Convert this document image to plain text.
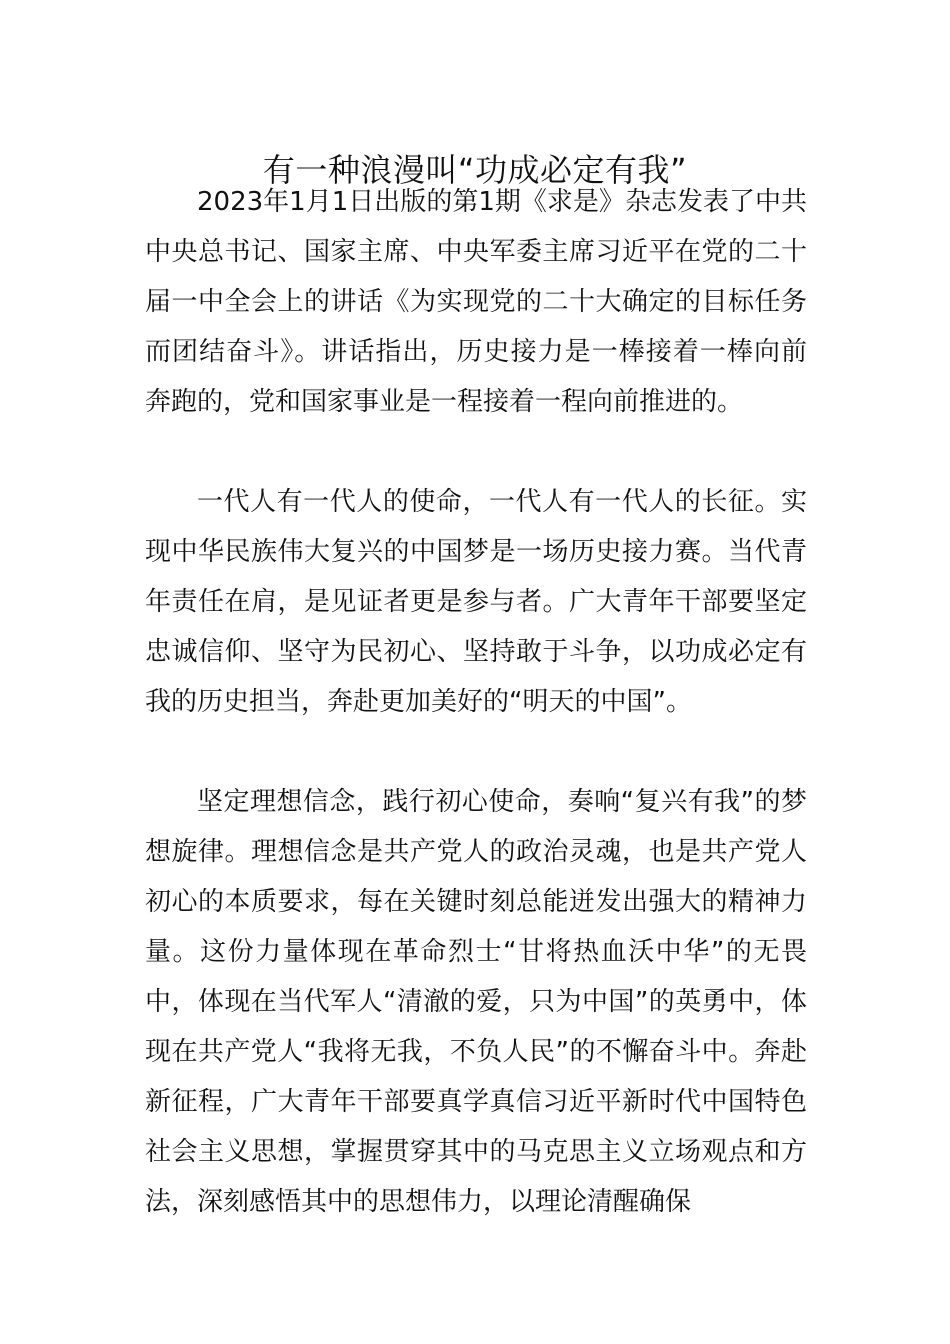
有一种浪漫叫“功成必定有我”

2023年1月1日出版的第1期《求是》杂志发表了中共中央总书记、国家主席、中央军委主席习近平在党的二十届一中全会上的讲话《为实现党的二十大确定的目标任务而团结奋斗》。讲话指出，历史接力是一棒接着一棒向前奔跑的，党和国家事业是一程接着一程向前推进的。

一代人有一代人的使命，一代人有一代人的长征。实现中华民族伟大复兴的中国梦是一场历史接力赛。当代青年责任在肩，是见证者更是参与者。广大青年干部要坚定忠诚信仰、坚守为民初心、坚持敢于斗争，以功成必定有我的历史担当，奔赴更加美好的“明天的中国”。

坚定理想信念，践行初心使命，奏响“复兴有我”的梦想旋律。理想信念是共产党人的政治灵魂，也是共产党人初心的本质要求，每在关键时刻总能迸发出强大的精神力量。这份力量体现在革命烈士“甘将热血沃中华”的无畏中，体现在当代军人“清澈的爱，只为中国”的英勇中，体现在共产党人“我将无我，不负人民”的不懈奋斗中。奔赴新征程，广大青年干部要真学真信习近平新时代中国特色社会主义思想，掌握贯穿其中的马克思主义立场观点和方法，深刻感悟其中的思想伟力，以理论清醒确保
